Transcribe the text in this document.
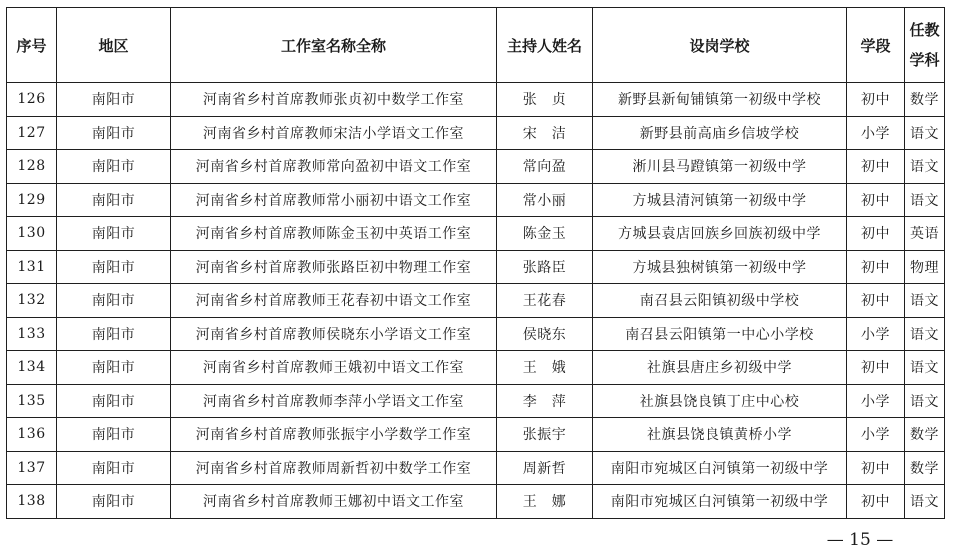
序号	地区	工作室名称全称	主持人姓名	设岗学校	学段	任教
学科
126	南阳市	河南省乡村首席教师张贞初中数学工作室	张　贞	新野县新甸铺镇第一初级中学校	初中	数学
127	南阳市	河南省乡村首席教师宋洁小学语文工作室	宋　洁	新野县前高庙乡信坡学校	小学	语文
128	南阳市	河南省乡村首席教师常向盈初中语文工作室	常向盈	淅川县马蹬镇第一初级中学	初中	语文
129	南阳市	河南省乡村首席教师常小丽初中语文工作室	常小丽	方城县清河镇第一初级中学	初中	语文
130	南阳市	河南省乡村首席教师陈金玉初中英语工作室	陈金玉	方城县袁店回族乡回族初级中学	初中	英语
131	南阳市	河南省乡村首席教师张路臣初中物理工作室	张路臣	方城县独树镇第一初级中学	初中	物理
132	南阳市	河南省乡村首席教师王花春初中语文工作室	王花春	南召县云阳镇初级中学校	初中	语文
133	南阳市	河南省乡村首席教师侯晓东小学语文工作室	侯晓东	南召县云阳镇第一中心小学校	小学	语文
134	南阳市	河南省乡村首席教师王娥初中语文工作室	王　娥	社旗县唐庄乡初级中学	初中	语文
135	南阳市	河南省乡村首席教师李萍小学语文工作室	李　萍	社旗县饶良镇丁庄中心校	小学	语文
136	南阳市	河南省乡村首席教师张振宇小学数学工作室	张振宇	社旗县饶良镇黄桥小学	小学	数学
137	南阳市	河南省乡村首席教师周新哲初中数学工作室	周新哲	南阳市宛城区白河镇第一初级中学	初中	数学
138	南阳市	河南省乡村首席教师王娜初中语文工作室	王　娜	南阳市宛城区白河镇第一初级中学	初中	语文
— 15 —
